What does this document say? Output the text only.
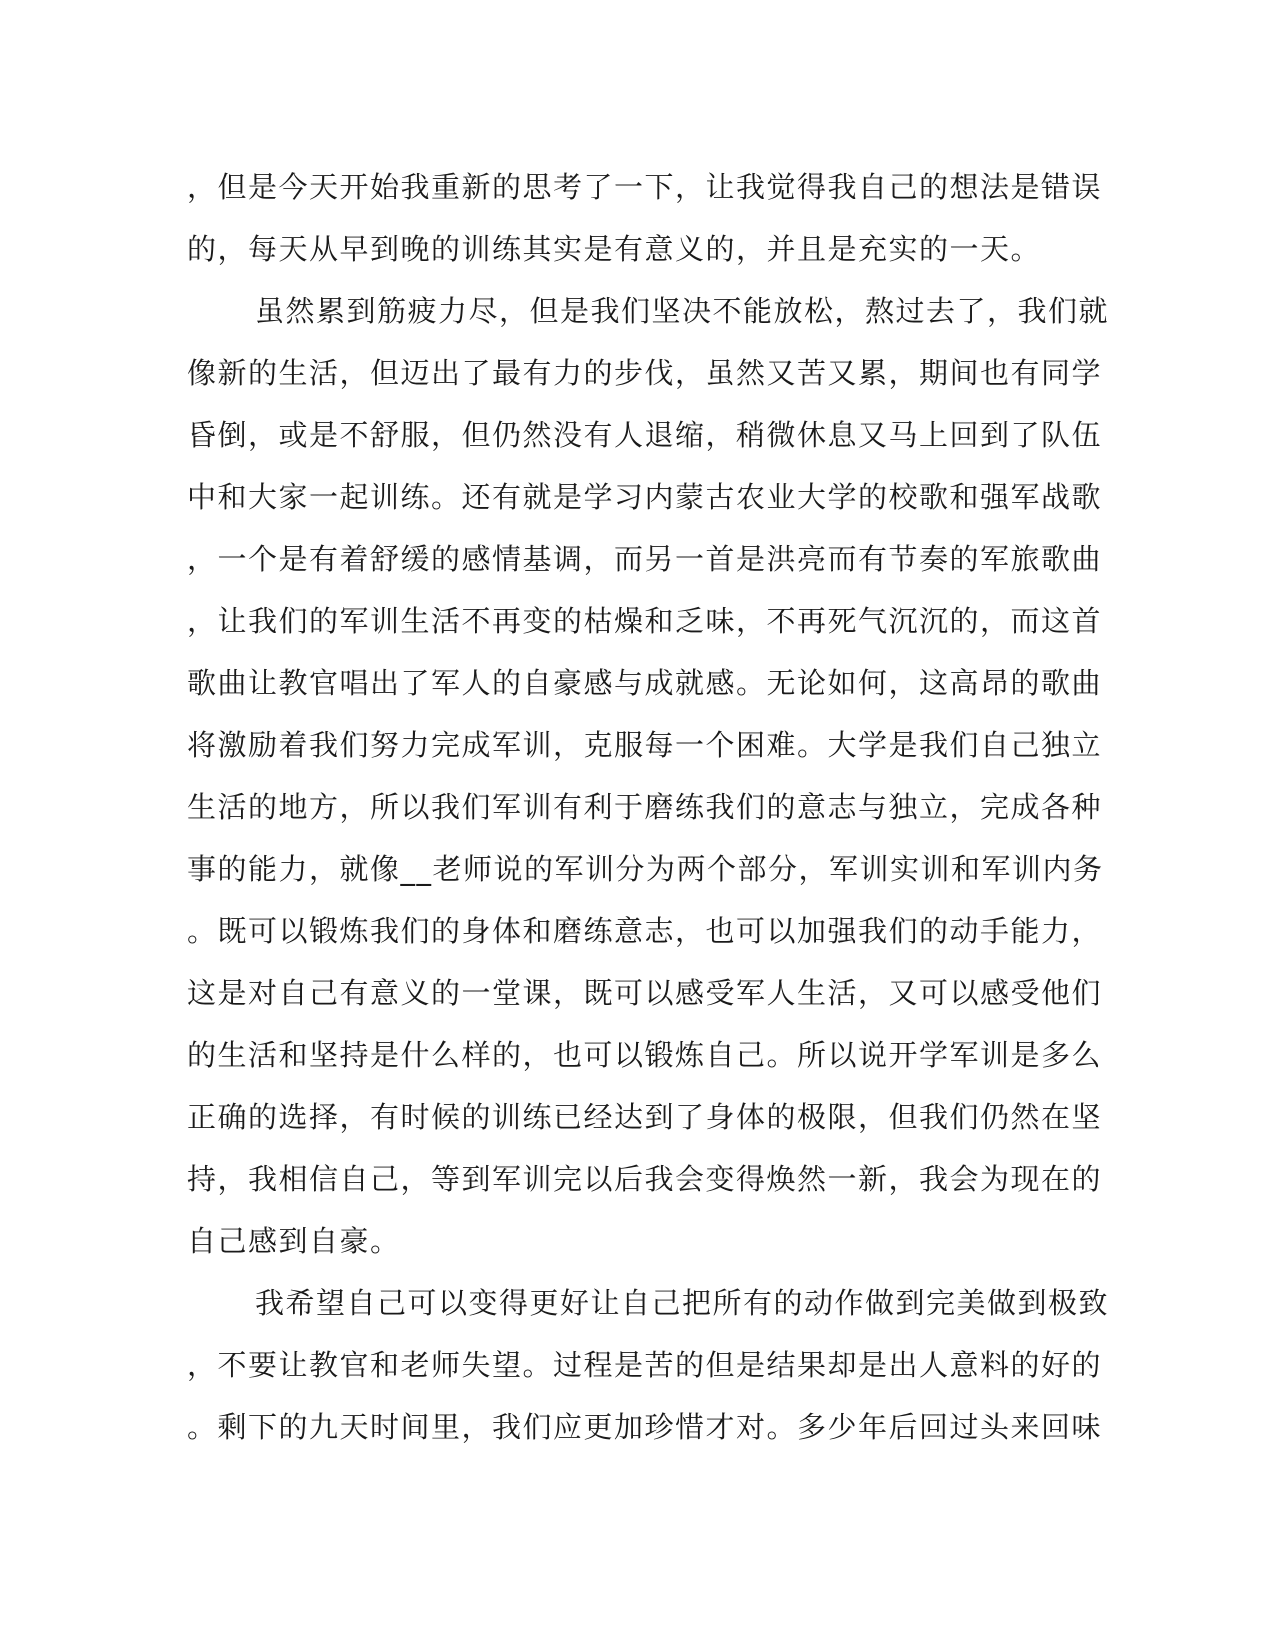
，但是今天开始我重新的思考了一下，让我觉得我自己的想法是错误
的，每天从早到晚的训练其实是有意义的，并且是充实的一天。
虽然累到筋疲力尽，但是我们坚决不能放松，熬过去了，我们就
像新的生活，但迈出了最有力的步伐，虽然又苦又累，期间也有同学
昏倒，或是不舒服，但仍然没有人退缩，稍微休息又马上回到了队伍
中和大家一起训练。还有就是学习内蒙古农业大学的校歌和强军战歌
，一个是有着舒缓的感情基调，而另一首是洪亮而有节奏的军旅歌曲
，让我们的军训生活不再变的枯燥和乏味，不再死气沉沉的，而这首
歌曲让教官唱出了军人的自豪感与成就感。无论如何，这高昂的歌曲
将激励着我们努力完成军训，克服每一个困难。大学是我们自己独立
生活的地方，所以我们军训有利于磨练我们的意志与独立，完成各种
事的能力，就像__老师说的军训分为两个部分，军训实训和军训内务
。既可以锻炼我们的身体和磨练意志，也可以加强我们的动手能力，
这是对自己有意义的一堂课，既可以感受军人生活，又可以感受他们
的生活和坚持是什么样的，也可以锻炼自己。所以说开学军训是多么
正确的选择，有时候的训练已经达到了身体的极限，但我们仍然在坚
持，我相信自己，等到军训完以后我会变得焕然一新，我会为现在的
自己感到自豪。
我希望自己可以变得更好让自己把所有的动作做到完美做到极致
，不要让教官和老师失望。过程是苦的但是结果却是出人意料的好的
。剩下的九天时间里，我们应更加珍惜才对。多少年后回过头来回味
